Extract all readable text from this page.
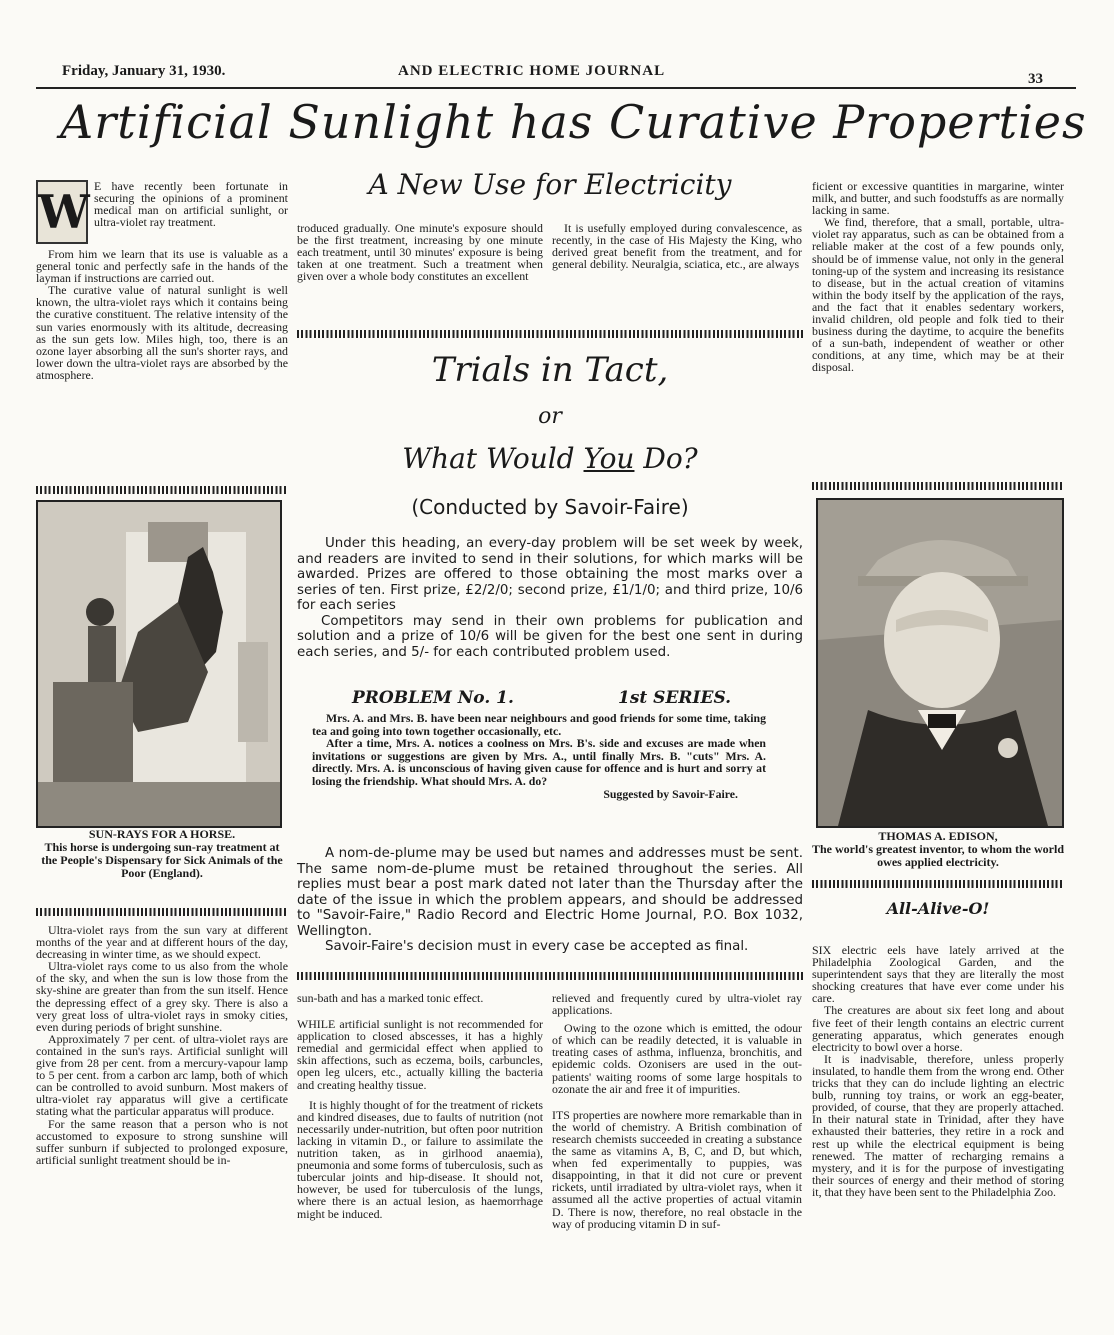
Friday, January 31, 1930.	AND ELECTRIC HOME JOURNAL	33
Artificial Sunlight has Curative Properties
A New Use for Electricity

W E have recently been fortunate in securing the opinions of a prominent medical man on artificial sunlight, or ultra-violet ray treatment.

From him we learn that its use is valuable as a general tonic and perfectly safe in the hands of the layman if instructions are carried out.

The curative value of natural sunlight is well known, the ultra-violet rays which it contains being the curative constituent. The relative intensity of the sun varies enormously with its altitude, decreasing as the sun gets low. Miles high, too, there is an ozone layer absorbing all the sun's shorter rays, and lower down the ultra-violet rays are absorbed by the atmosphere.

SUN-RAYS FOR A HORSE.
This horse is undergoing sun-ray treatment at the People's Dispensary for Sick Animals of the Poor (England).

Ultra-violet rays from the sun vary at different months of the year and at different hours of the day, decreasing in winter time, as we should expect.

Ultra-violet rays come to us also from the whole of the sky, and when the sun is low those from the sky-shine are greater than from the sun itself. Hence the depressing effect of a grey sky. There is also a very great loss of ultra-violet rays in smoky cities, even during periods of bright sunshine.

Approximately 7 per cent. of ultra-violet rays are contained in the sun's rays. Artificial sunlight will give from 28 per cent. from a mercury-vapour lamp to 5 per cent. from a carbon arc lamp, both of which can be controlled to avoid sunburn. Most makers of ultra-violet ray apparatus will give a certificate stating what the particular apparatus will produce.

For the same reason that a person who is not accustomed to exposure to strong sunshine will suffer sunburn if subjected to prolonged exposure, artificial sunlight treatment should be in-

troduced gradually. One minute's exposure should be the first treatment, increasing by one minute each treatment, until 30 minutes' exposure is being taken at one treatment. Such a treatment when given over a whole body constitutes an excellent

It is usefully employed during convalescence, as recently, in the case of His Majesty the King, who derived great benefit from the treatment, and for general debility. Neuralgia, sciatica, etc., are always

Trials in Tact,
or
What Would You Do?
(Conducted by Savoir-Faire)

Under this heading, an every-day problem will be set week by week, and readers are invited to send in their solutions, for which marks will be awarded. Prizes are offered to those obtaining the most marks over a series of ten. First prize, £2/2/0; second prize, £1/1/0; and third prize, 10/6 for each series

Competitors may send in their own problems for publication and solution and a prize of 10/6 will be given for the best one sent in during each series, and 5/- for each contributed problem used.

PROBLEM No. 1.	1st SERIES.

Mrs. A. and Mrs. B. have been near neighbours and good friends for some time, taking tea and going into town together occasionally, etc.

After a time, Mrs. A. notices a coolness on Mrs. B's. side and excuses are made when invitations or suggestions are given by Mrs. A., until finally Mrs. B. "cuts" Mrs. A. directly. Mrs. A. is unconscious of having given cause for offence and is hurt and sorry at losing the friendship. What should Mrs. A. do?

Suggested by Savoir-Faire.

A nom-de-plume may be used but names and addresses must be sent. The same nom-de-plume must be retained throughout the series. All replies must bear a post mark dated not later than the Thursday after the date of the issue in which the problem appears, and should be addressed to "Savoir-Faire," Radio Record and Electric Home Journal, P.O. Box 1032, Wellington.

Savoir-Faire's decision must in every case be accepted as final.

sun-bath and has a marked tonic effect.

WHILE artificial sunlight is not recommended for application to closed abscesses, it has a highly remedial and germicidal effect when applied to skin affections, such as eczema, boils, carbuncles, open leg ulcers, etc., actually killing the bacteria and creating healthy tissue.

It is highly thought of for the treatment of rickets and kindred diseases, due to faults of nutrition (not necessarily under-nutrition, but often poor nutrition lacking in vitamin D., or failure to assimilate the nutrition taken, as in girlhood anaemia), pneumonia and some forms of tuberculosis, such as tubercular joints and hip-disease. It should not, however, be used for tuberculosis of the lungs, where there is an actual lesion, as haemorrhage might be induced.

relieved and frequently cured by ultra-violet ray applications.

Owing to the ozone which is emitted, the odour of which can be readily detected, it is valuable in treating cases of asthma, influenza, bronchitis, and epidemic colds. Ozonisers are used in the out-patients' waiting rooms of some large hospitals to ozonate the air and free it of impurities.

ITS properties are nowhere more remarkable than in the world of chemistry. A British combination of research chemists succeeded in creating a substance the same as vitamins A, B, C, and D, but which, when fed experimentally to puppies, was disappointing, in that it did not cure or prevent rickets, until irradiated by ultra-violet rays, when it assumed all the active properties of actual vitamin D. There is now, therefore, no real obstacle in the way of producing vitamin D in suf-

ficient or excessive quantities in margarine, winter milk, and butter, and such foodstuffs as are normally lacking in same.

We find, therefore, that a small, portable, ultra-violet ray apparatus, such as can be obtained from a reliable maker at the cost of a few pounds only, should be of immense value, not only in the general toning-up of the system and increasing its resistance to disease, but in the actual creation of vitamins within the body itself by the application of the rays, and the fact that it enables sedentary workers, invalid children, old people and folk tied to their business during the daytime, to acquire the benefits of a sun-bath, independent of weather or other conditions, at any time, which may be at their disposal.

THOMAS A. EDISON,
The world's greatest inventor, to whom the world owes applied electricity.
All-Alive-O!

SIX electric eels have lately arrived at the Philadelphia Zoological Garden, and the superintendent says that they are literally the most shocking creatures that have ever come under his care.

The creatures are about six feet long and about five feet of their length contains an electric current generating apparatus, which generates enough electricity to bowl over a horse.

It is inadvisable, therefore, unless properly insulated, to handle them from the wrong end. Other tricks that they can do include lighting an electric bulb, running toy trains, or work an egg-beater, provided, of course, that they are properly attached. In their natural state in Trinidad, after they have exhausted their batteries, they retire in a rock and rest up while the electrical equipment is being renewed. The matter of recharging remains a mystery, and it is for the purpose of investigating their sources of energy and their method of storing it, that they have been sent to the Philadelphia Zoo.
